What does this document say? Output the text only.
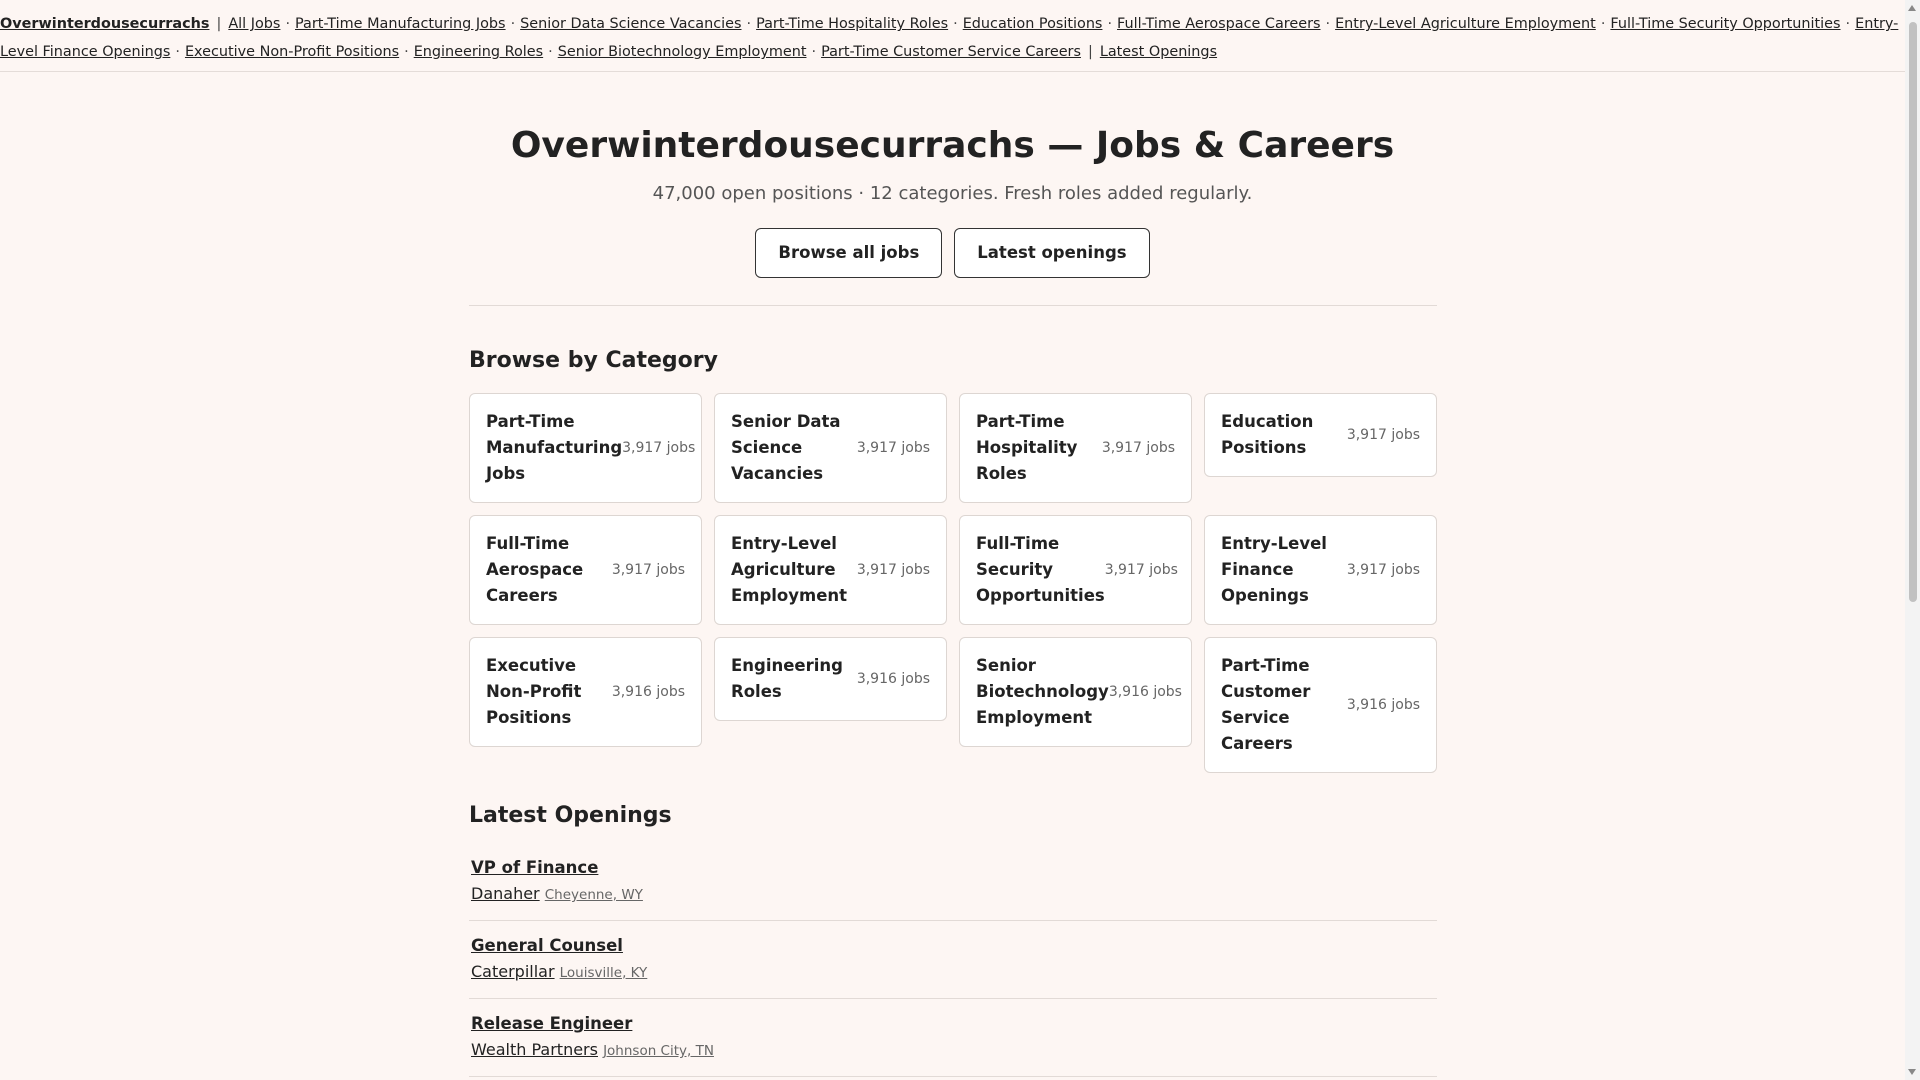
Overwinterdousecurrachs | All Jobs · Part-Time Manufacturing Jobs · Senior Data Science Vacancies · Part-Time Hospitality Roles · Education Positions · Full-Time Aerospace Careers · Entry-Level Agriculture Employment · Full-Time Security Opportunities · Entry-Level Finance Openings · Executive Non-Profit Positions · Engineering Roles · Senior Biotechnology Employment · Part-Time Customer Service Careers | Latest Openings
Overwinterdousecurrachs — Jobs & Careers
47,000 open positions · 12 categories. Fresh roles added regularly.
Browse all jobs	Latest openings
Browse by Category
Part-Time Manufacturing Jobs
3,917 jobs
Senior Data Science Vacancies
3,917 jobs
Part-Time Hospitality Roles
3,917 jobs
Education Positions
3,917 jobs
Full-Time Aerospace Careers
3,917 jobs
Entry-Level Agriculture Employment
3,917 jobs
Full-Time Security Opportunities
3,917 jobs
Entry-Level Finance Openings
3,917 jobs
Executive Non-Profit Positions
3,916 jobs
Engineering Roles
3,916 jobs
Senior Biotechnology Employment
3,916 jobs
Part-Time Customer Service Careers
3,916 jobs
Latest Openings
VP of Finance
Danaher Cheyenne, WY
General Counsel
Caterpillar Louisville, KY
Release Engineer
Wealth Partners Johnson City, TN
